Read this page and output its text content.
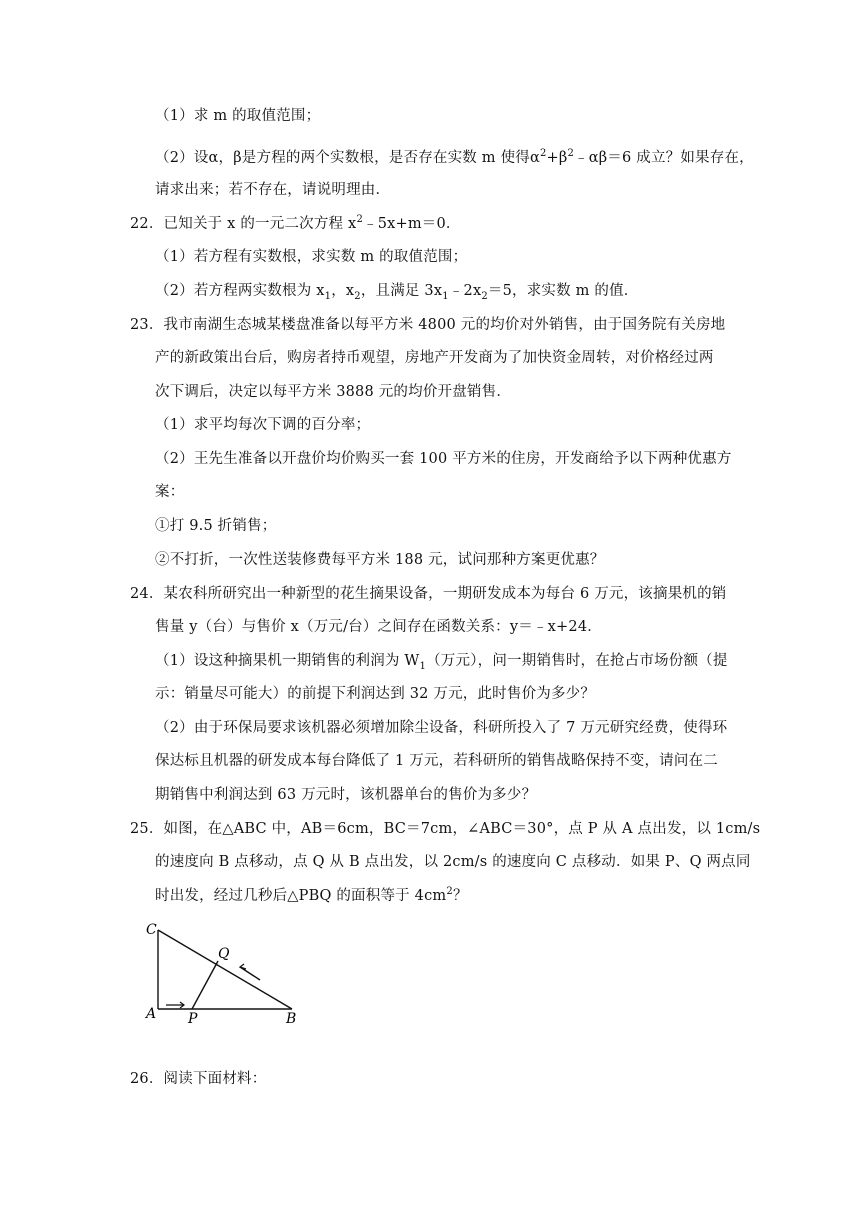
（1）求 m 的取值范围；
（2）设α，β是方程的两个实数根，是否存在实数 m 使得$\alpha^2+\beta^2﹣\alpha\beta=6$ 成立？如果存在，
请求出来；若不存在，请说明理由．
22．已知关于 x 的一元二次方程 $x^2﹣5x+m=0$．
（1）若方程有实数根，求实数 m 的取值范围；
（2）若方程两实数根为 $x_1$，$x_2$，且满足 $3x_1﹣2x_2=5$，求实数 m 的值．
23．我市南湖生态城某楼盘准备以每平方米 4800 元的均价对外销售，由于国务院有关房地
产的新政策出台后，购房者持币观望，房地产开发商为了加快资金周转，对价格经过两
次下调后，决定以每平方米 3888 元的均价开盘销售．
（1）求平均每次下调的百分率；
（2）王先生准备以开盘价均价购买一套 100 平方米的住房，开发商给予以下两种优惠方
案：
①打 9.5 折销售；
②不打折，一次性送装修费每平方米 188 元，试问那种方案更优惠？
24．某农科所研究出一种新型的花生摘果设备，一期研发成本为每台 6 万元，该摘果机的销
售量 y（台）与售价 x（万元/台）之间存在函数关系：y＝﹣x+24．
（1）设这种摘果机一期销售的利润为 $W_1$（万元），问一期销售时，在抢占市场份额（提
示：销量尽可能大）的前提下利润达到 32 万元，此时售价为多少？
（2）由于环保局要求该机器必须增加除尘设备，科研所投入了 7 万元研究经费，使得环
保达标且机器的研发成本每台降低了 1 万元，若科研所的销售战略保持不变，请问在二
期销售中利润达到 63 万元时，该机器单台的售价为多少？
25．如图，在△ABC 中，AB＝6cm，BC＝7cm，∠ABC＝30°，点 P 从 A 点出发，以 1cm/s
的速度向 B 点移动，点 Q 从 B 点出发，以 2cm/s 的速度向 C 点移动．如果 P、Q 两点同
时出发，经过几秒后△PBQ 的面积等于 $4cm^2$？
C
Q
A P	B
26．阅读下面材料：
